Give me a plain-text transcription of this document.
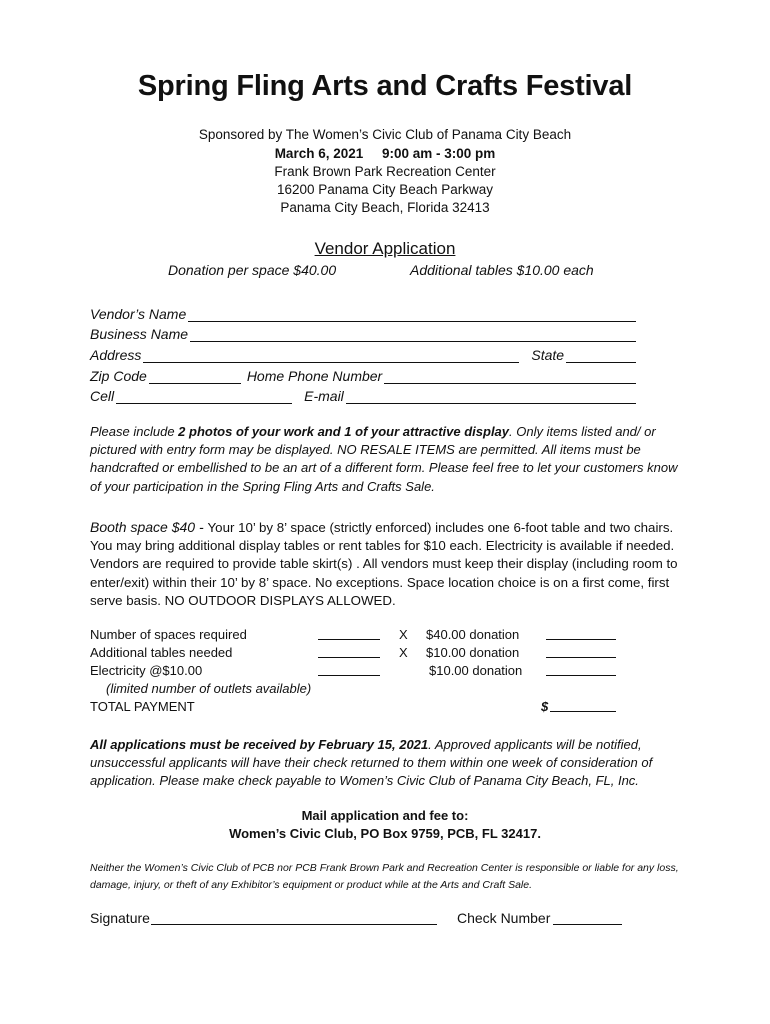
Spring Fling Arts and Crafts Festival
Sponsored by The Women’s Civic Club of Panama City Beach
March 6, 2021     9:00 am - 3:00 pm
Frank Brown Park Recreation Center
16200 Panama City Beach Parkway
Panama City Beach, Florida 32413
Vendor Application
Donation per space $40.00	Additional tables $10.00 each
Vendor’s Name
Business Name
Address	State
Zip Code	Home Phone Number
Cell	E-mail
Please include 2 photos of your work and 1 of your attractive display. Only items listed and/ or pictured with entry form may be displayed. NO RESALE ITEMS are permitted. All items must be handcrafted or embellished to be an art of a different form. Please feel free to let your customers know of your participation in the Spring Fling Arts and Crafts Sale.
Booth space $40 - Your 10’ by 8’ space (strictly enforced) includes one 6-foot table and two chairs. You may bring additional display tables or rent tables for $10 each. Electricity is available if needed. Vendors are required to provide table skirt(s) . All vendors must keep their display (including room to enter/exit) within their 10’ by 8’ space. No exceptions. Space location choice is on a first come, first serve basis. NO OUTDOOR DISPLAYS ALLOWED.
Number of spaces required	X $40.00 donation
Additional tables needed	X $10.00 donation
Electricity @$10.00	$10.00 donation
(limited number of outlets available)
TOTAL PAYMENT	$
All applications must be received by February 15, 2021. Approved applicants will be notified, unsuccessful applicants will have their check returned to them within one week of consideration of application. Please make check payable to Women’s Civic Club of Panama City Beach, FL, Inc.
Mail application and fee to:
Women’s Civic Club, PO Box 9759, PCB, FL 32417.
Neither the Women’s Civic Club of PCB nor PCB Frank Brown Park and Recreation Center is responsible or liable for any loss, damage, injury, or theft of any Exhibitor’s equipment or product while at the Arts and Craft Sale.
Signature	Check Number
